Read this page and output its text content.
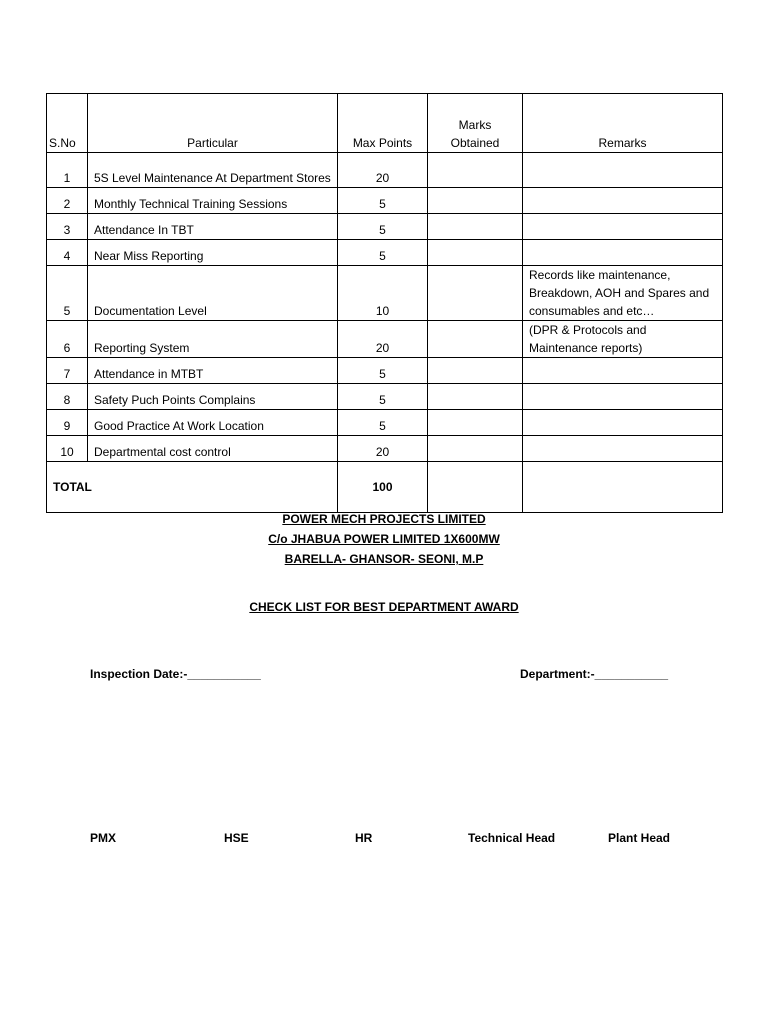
S.No	Particular	Max Points	Marks Obtained	Remarks
1	5S Level Maintenance At Department Stores	20		
2	Monthly Technical Training Sessions	5		
3	Attendance In TBT	5		
4	Near Miss Reporting	5		
5	Documentation Level	10		Records like maintenance, Breakdown, AOH and Spares and consumables and etc…
6	Reporting System	20		(DPR & Protocols and Maintenance reports)
7	Attendance in MTBT	5		
8	Safety Puch Points Complains	5		
9	Good Practice At Work Location	5		
10	Departmental cost control	20		
TOTAL		100		
POWER MECH PROJECTS LIMITED
C/o JHABUA POWER LIMITED 1X600MW
BARELLA- GHANSOR- SEONI, M.P
CHECK LIST FOR BEST DEPARTMENT AWARD
Inspection Date:-___________	Department:-___________
PMX	HSE	HR	Technical Head	Plant Head
